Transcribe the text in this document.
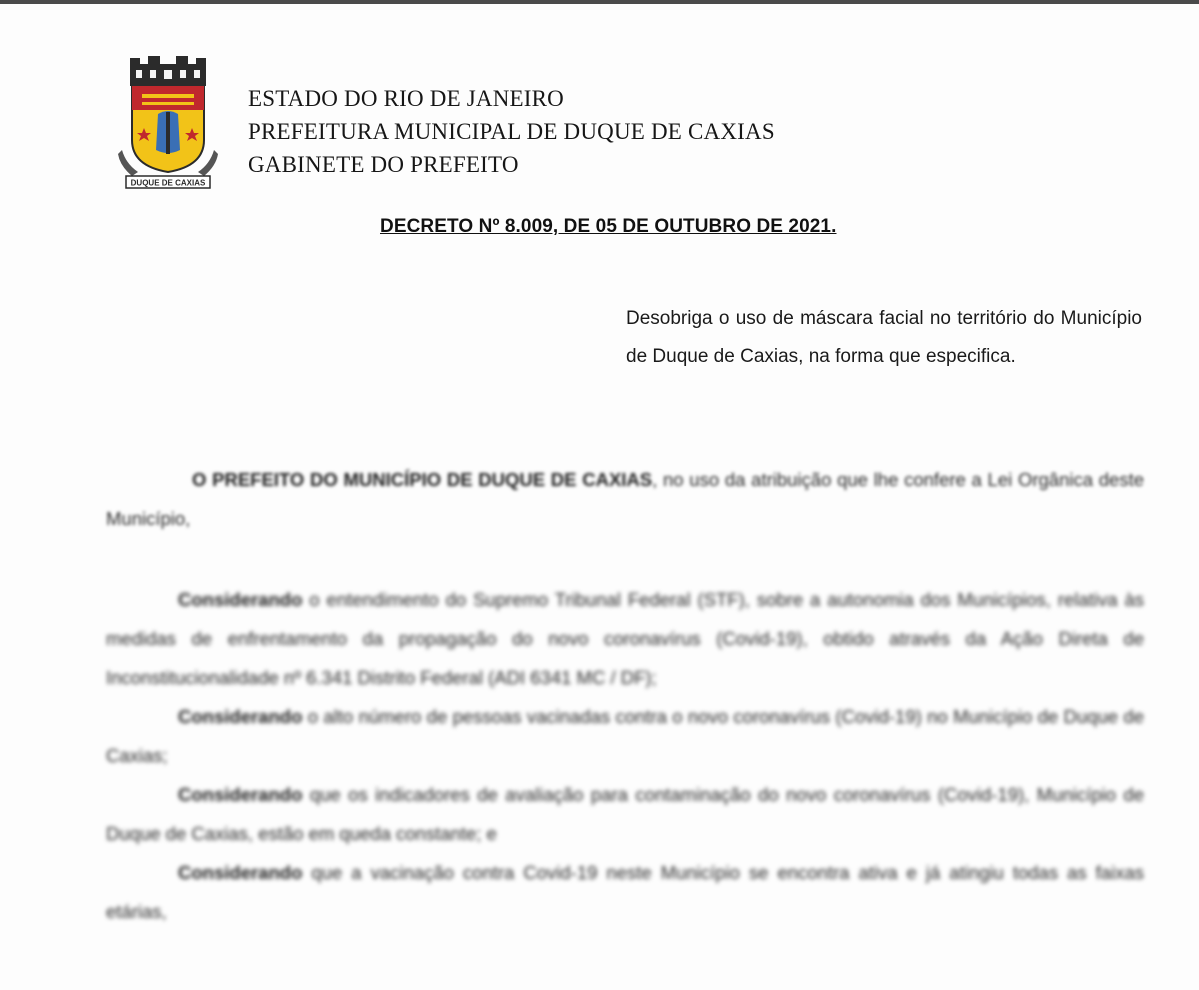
DUQUE DE CAXIAS
ESTADO DO RIO DE JANEIRO
PREFEITURA MUNICIPAL DE DUQUE DE CAXIAS
GABINETE DO PREFEITO
DECRETO Nº 8.009, DE 05 DE OUTUBRO DE 2021.
Desobriga o uso de máscara facial no território do Município de Duque de Caxias, na forma que especifica.

O PREFEITO DO MUNICÍPIO DE DUQUE DE CAXIAS, no uso da atribuição que lhe confere a Lei Orgânica deste Município,

Considerando o entendimento do Supremo Tribunal Federal (STF), sobre a autonomia dos Municípios, relativa às medidas de enfrentamento da propagação do novo coronavírus (Covid-19), obtido através da Ação Direta de Inconstitucionalidade nº 6.341 Distrito Federal (ADI 6341 MC / DF);

Considerando o alto número de pessoas vacinadas contra o novo coronavírus (Covid-19) no Município de Duque de Caxias;

Considerando que os indicadores de avaliação para contaminação do novo coronavírus (Covid-19), Município de Duque de Caxias, estão em queda constante; e

Considerando que a vacinação contra Covid-19 neste Município se encontra ativa e já atingiu todas as faixas etárias,
